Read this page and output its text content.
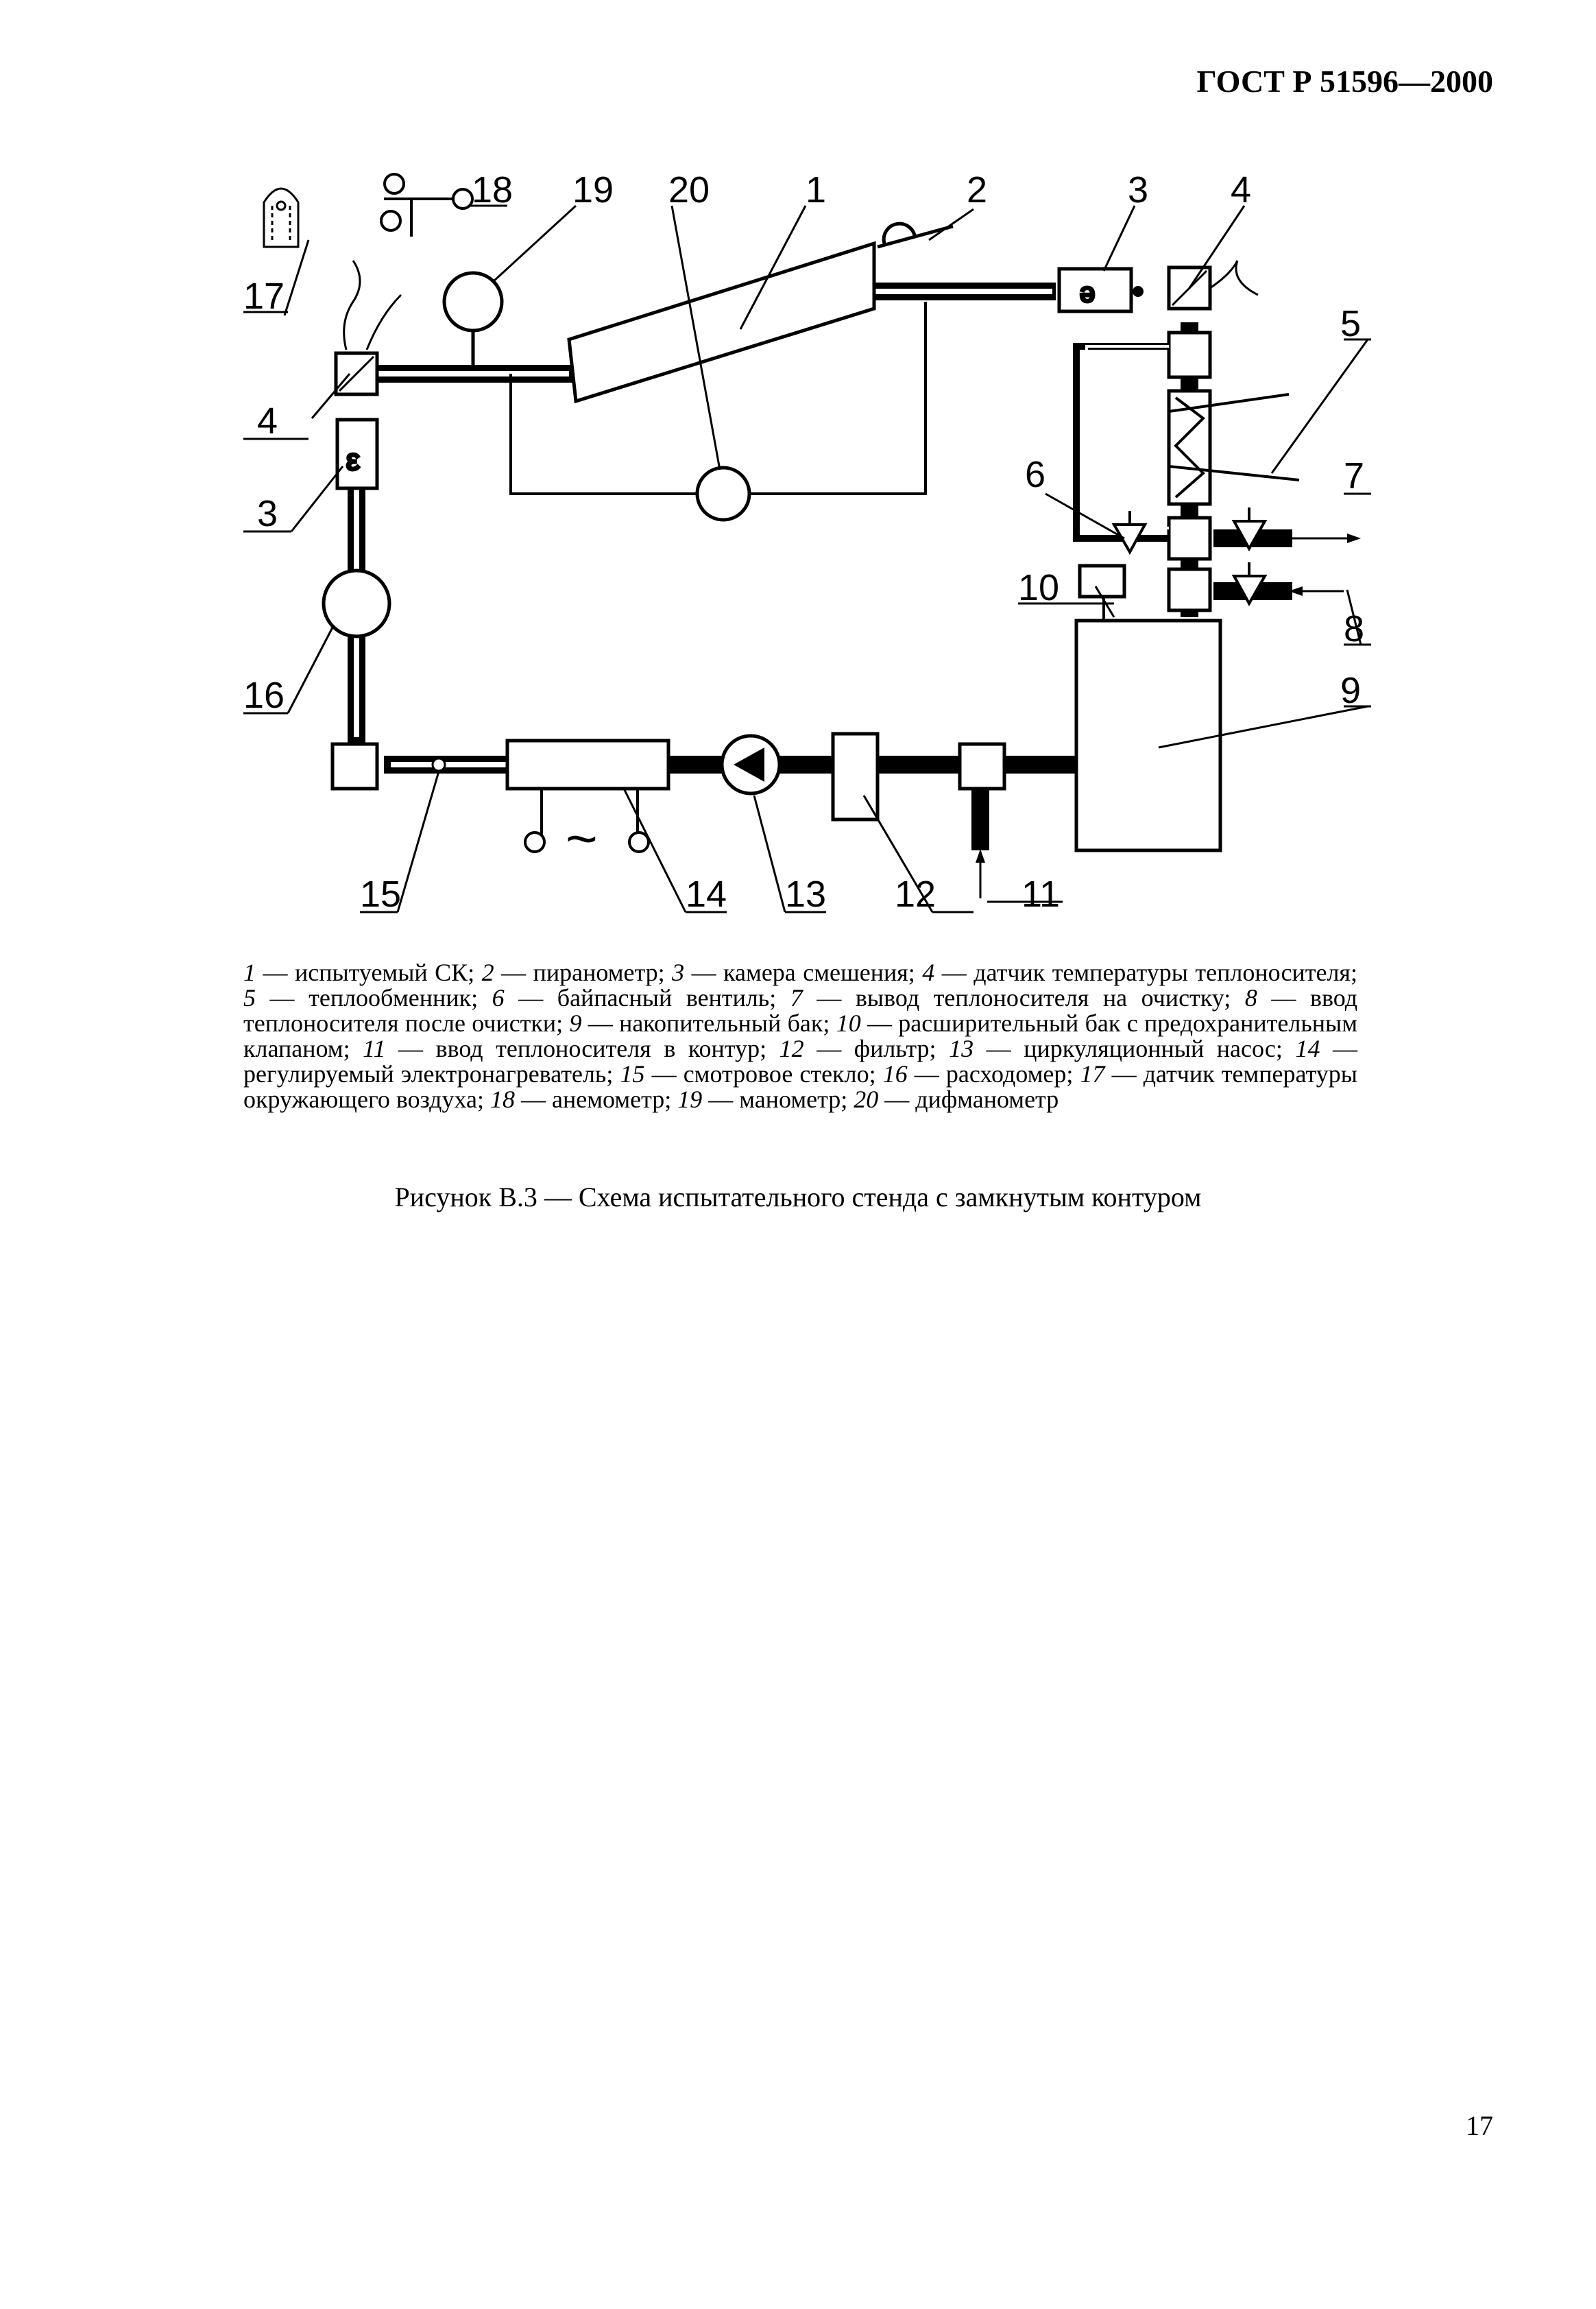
ГОСТ Р 51596—2000
ε
ə
17
18 19 20	1	2	3 4
5
6	7
8
9
10
11
12
13
14
15
16
4
3
~
1 — испытуемый СК; 2 — пиранометр; 3 — камера смешения; 4 — датчик температуры теплоносителя; 5 — теплообменник; 6 — байпасный вентиль; 7 — вывод теплоносителя на очистку; 8 — ввод теплоносителя после очистки; 9 — накопительный бак; 10 — расширительный бак с предохранительным клапаном; 11 — ввод теплоносителя в контур; 12 — фильтр; 13 — циркуляционный насос; 14 — регулируемый электронагреватель; 15 — смотровое стекло; 16 — расходомер; 17 — датчик температуры окружающего воздуха; 18 — анемометр; 19 — манометр; 20 — дифманометр
Рисунок В.3 — Схема испытательного стенда с замкнутым контуром
17
